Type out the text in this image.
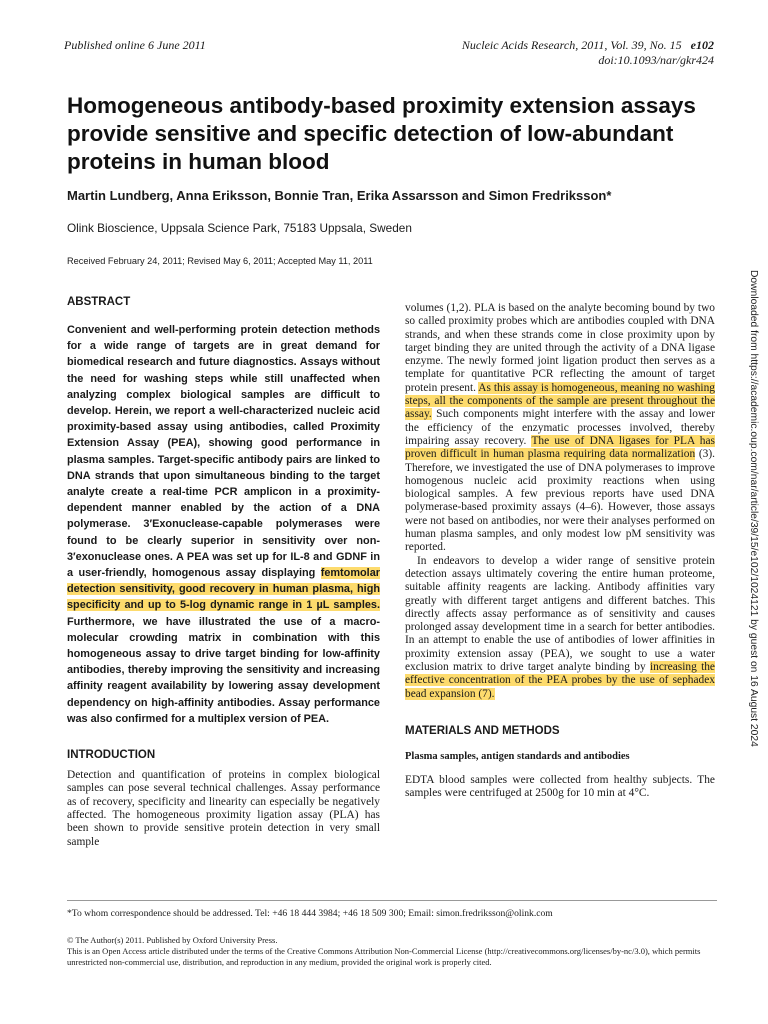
Published online 6 June 2011	Nucleic Acids Research, 2011, Vol. 39, No. 15 e102
doi:10.1093/nar/gkr424
Homogeneous antibody-based proximity extension assays provide sensitive and specific detection of low-abundant proteins in human blood
Martin Lundberg, Anna Eriksson, Bonnie Tran, Erika Assarsson and Simon Fredriksson*
Olink Bioscience, Uppsala Science Park, 75183 Uppsala, Sweden
Received February 24, 2011; Revised May 6, 2011; Accepted May 11, 2011
ABSTRACT

Convenient and well-performing protein detection methods for a wide range of targets are in great demand for biomedical research and future diagnostics. Assays without the need for washing steps while still unaffected when analyzing complex biological samples are difficult to develop. Herein, we report a well-characterized nucleic acid proximity-based assay using antibodies, called Proximity Extension Assay (PEA), showing good performance in plasma samples. Target-specific antibody pairs are linked to DNA strands that upon simultaneous binding to the target analyte create a real-time PCR amplicon in a proximity-dependent manner enabled by the action of a DNA polymerase. 3′Exonuclease-capable polymerases were found to be clearly superior in sensitivity over non-3′exonuclease ones. A PEA was set up for IL-8 and GDNF in a user-friendly, homogenous assay displaying femtomolar detection sensitivity, good recovery in human plasma, high specificity and up to 5-log dynamic range in 1 µL samples. Furthermore, we have illustrated the use of a macro-molecular crowding matrix in combination with this homogeneous assay to drive target binding for low-affinity antibodies, thereby improving the sensitivity and increasing affinity reagent availability by lowering assay development dependency on high-affinity antibodies. Assay performance was also confirmed for a multiplex version of PEA.

INTRODUCTION

Detection and quantification of proteins in complex biological samples can pose several technical challenges. Assay performance as of recovery, specificity and linearity can especially be negatively affected. The homogeneous proximity ligation assay (PLA) has been shown to provide sensitive protein detection in very small sample

volumes (1,2). PLA is based on the analyte becoming bound by two so called proximity probes which are antibodies coupled with DNA strands, and when these strands come in close proximity upon by target binding they are united through the activity of a DNA ligase enzyme. The newly formed joint ligation product then serves as a template for quantitative PCR reflecting the amount of target protein present. As this assay is homogeneous, meaning no washing steps, all the components of the sample are present throughout the assay. Such components might interfere with the assay and lower the efficiency of the enzymatic processes involved, thereby impairing assay recovery. The use of DNA ligases for PLA has proven difficult in human plasma requiring data normalization (3). Therefore, we investigated the use of DNA polymerases to improve homogenous nucleic acid proximity reactions when using biological samples. A few previous reports have used DNA polymerase-based proximity assays (4–6). However, those assays were not based on antibodies, nor were their analyses performed on human plasma samples, and only modest low pM sensitivity was reported.

In endeavors to develop a wider range of sensitive protein detection assays ultimately covering the entire human proteome, suitable affinity reagents are lacking. Antibody affinities vary greatly with different target antigens and different batches. This directly affects assay performance as of sensitivity and causes prolonged assay development time in a search for better antibodies. In an attempt to enable the use of antibodies of lower affinities in proximity extension assay (PEA), we sought to use a water exclusion matrix to drive target analyte binding by increasing the effective concentration of the PEA probes by the use of sephadex bead expansion (7).

MATERIALS AND METHODS
Plasma samples, antigen standards and antibodies

EDTA blood samples were collected from healthy subjects. The samples were centrifuged at 2500g for 10 min at 4°C.

*To whom correspondence should be addressed. Tel: +46 18 444 3984; +46 18 509 300; Email: simon.fredriksson@olink.com
© The Author(s) 2011. Published by Oxford University Press.
This is an Open Access article distributed under the terms of the Creative Commons Attribution Non-Commercial License (http://creativecommons.org/licenses/by-nc/3.0), which permits unrestricted non-commercial use, distribution, and reproduction in any medium, provided the original work is properly cited.
Downloaded from https://academic.oup.com/nar/article/39/15/e102/1024121 by guest on 16 August 2024
